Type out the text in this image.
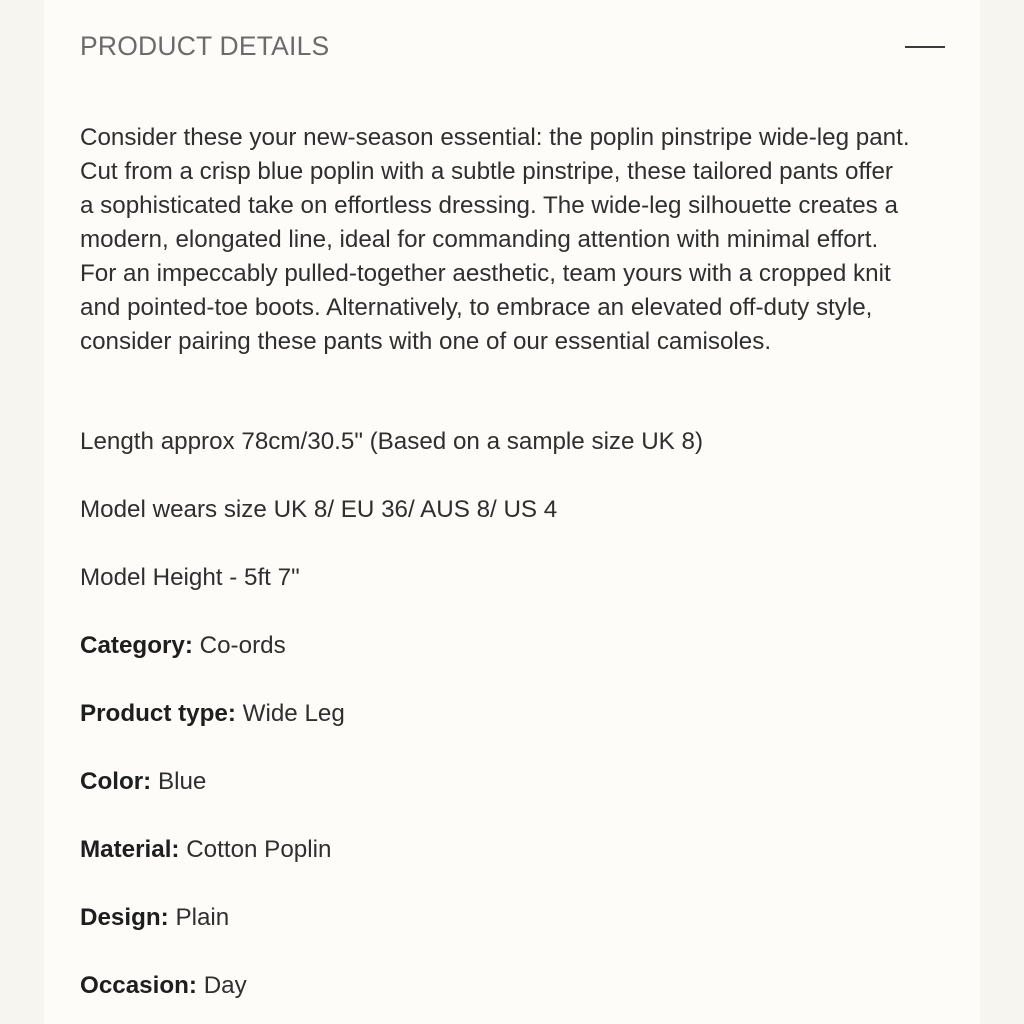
PRODUCT DETAILS

Consider these your new-season essential: the poplin pinstripe wide-leg pant.
Cut from a crisp blue poplin with a subtle pinstripe, these tailored pants offer
a sophisticated take on effortless dressing. The wide-leg silhouette creates a
modern, elongated line, ideal for commanding attention with minimal effort.
For an impeccably pulled-together aesthetic, team yours with a cropped knit
and pointed-toe boots. Alternatively, to embrace an elevated off-duty style,
consider pairing these pants with one of our essential camisoles.

Length approx 78cm/30.5" (Based on a sample size UK 8)
Model wears size UK 8/ EU 36/ AUS 8/ US 4
Model Height - 5ft 7"
Category: Co-ords
Product type: Wide Leg
Color: Blue
Material: Cotton Poplin
Design: Plain
Occasion: Day
